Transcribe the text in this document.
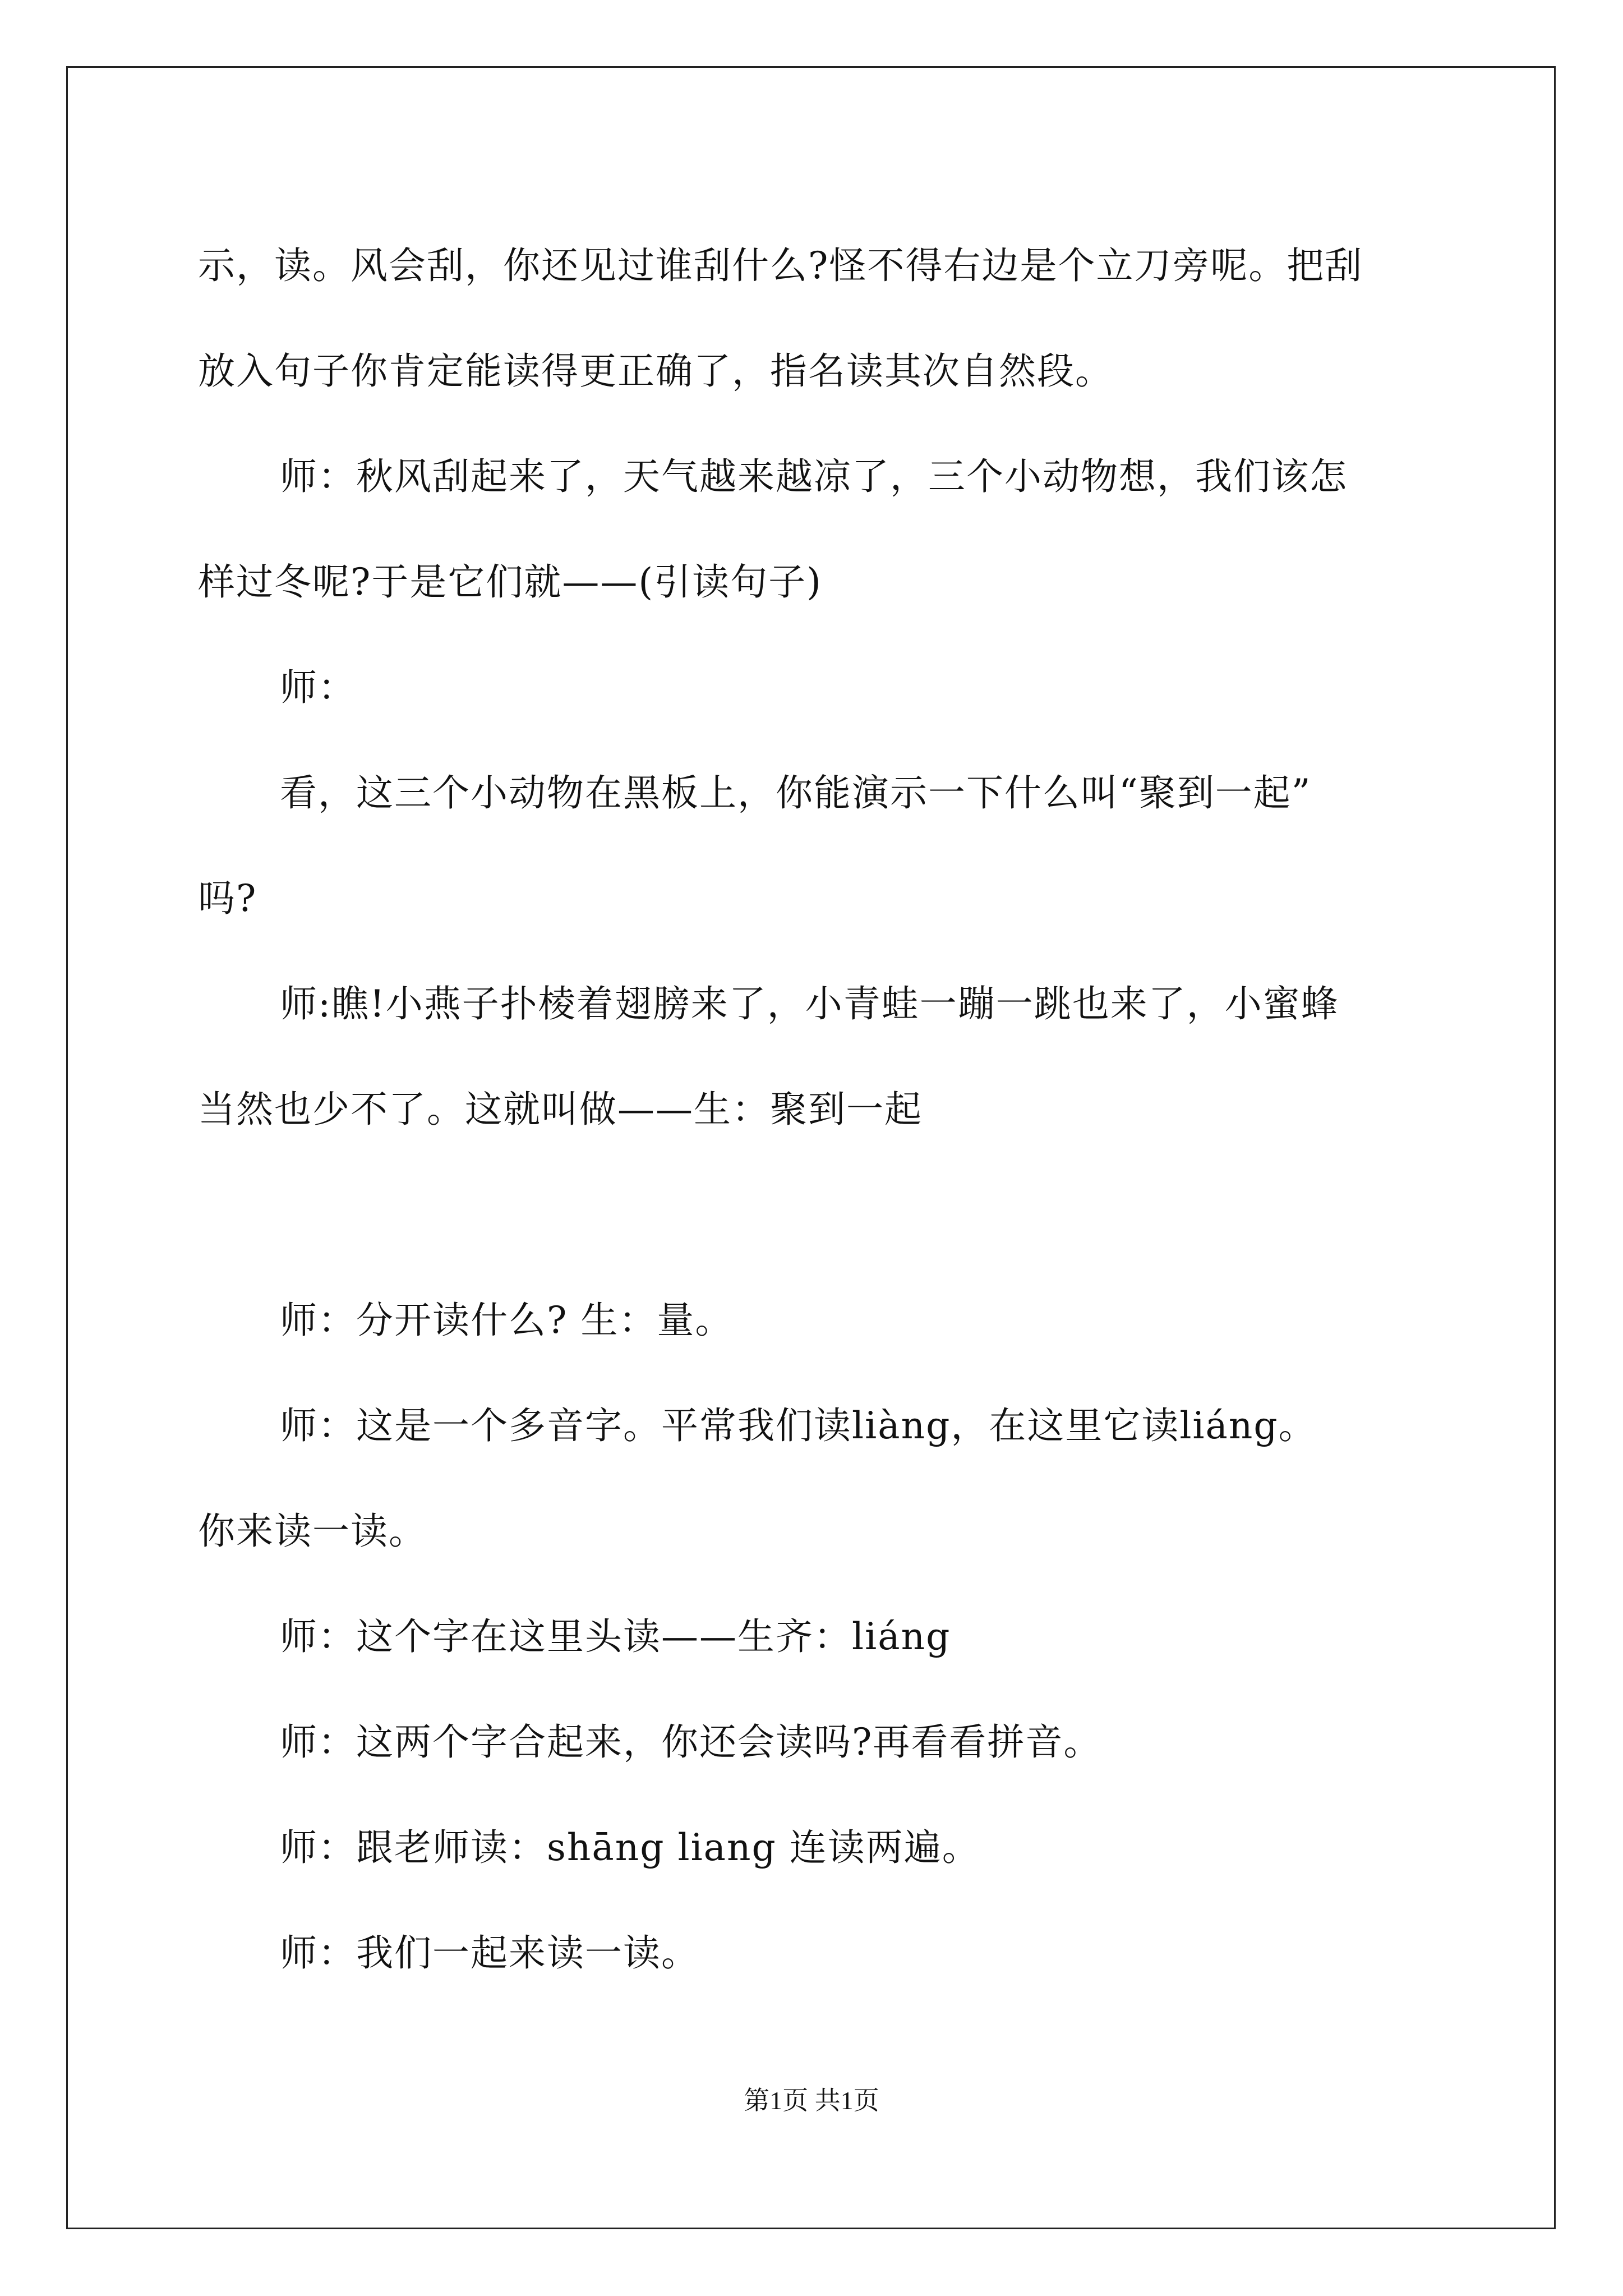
示，读。风会刮，你还见过谁刮什么?怪不得右边是个立刀旁呢。把刮

放入句子你肯定能读得更正确了，指名读其次自然段。

师：秋风刮起来了，天气越来越凉了，三个小动物想，我们该怎

样过冬呢?于是它们就——(引读句子)

师：

看，这三个小动物在黑板上，你能演示一下什么叫“聚到一起”

吗?

师:瞧!小燕子扑棱着翅膀来了，小青蛙一蹦一跳也来了，小蜜蜂

当然也少不了。这就叫做——生：聚到一起

师：分开读什么? 生：量。

师：这是一个多音字。平常我们读liàng，在这里它读liáng。

你来读一读。

师：这个字在这里头读——生齐：liáng

师：这两个字合起来，你还会读吗?再看看拼音。

师：跟老师读：shāng liang 连读两遍。

师：我们一起来读一读。

第1页 共1页
